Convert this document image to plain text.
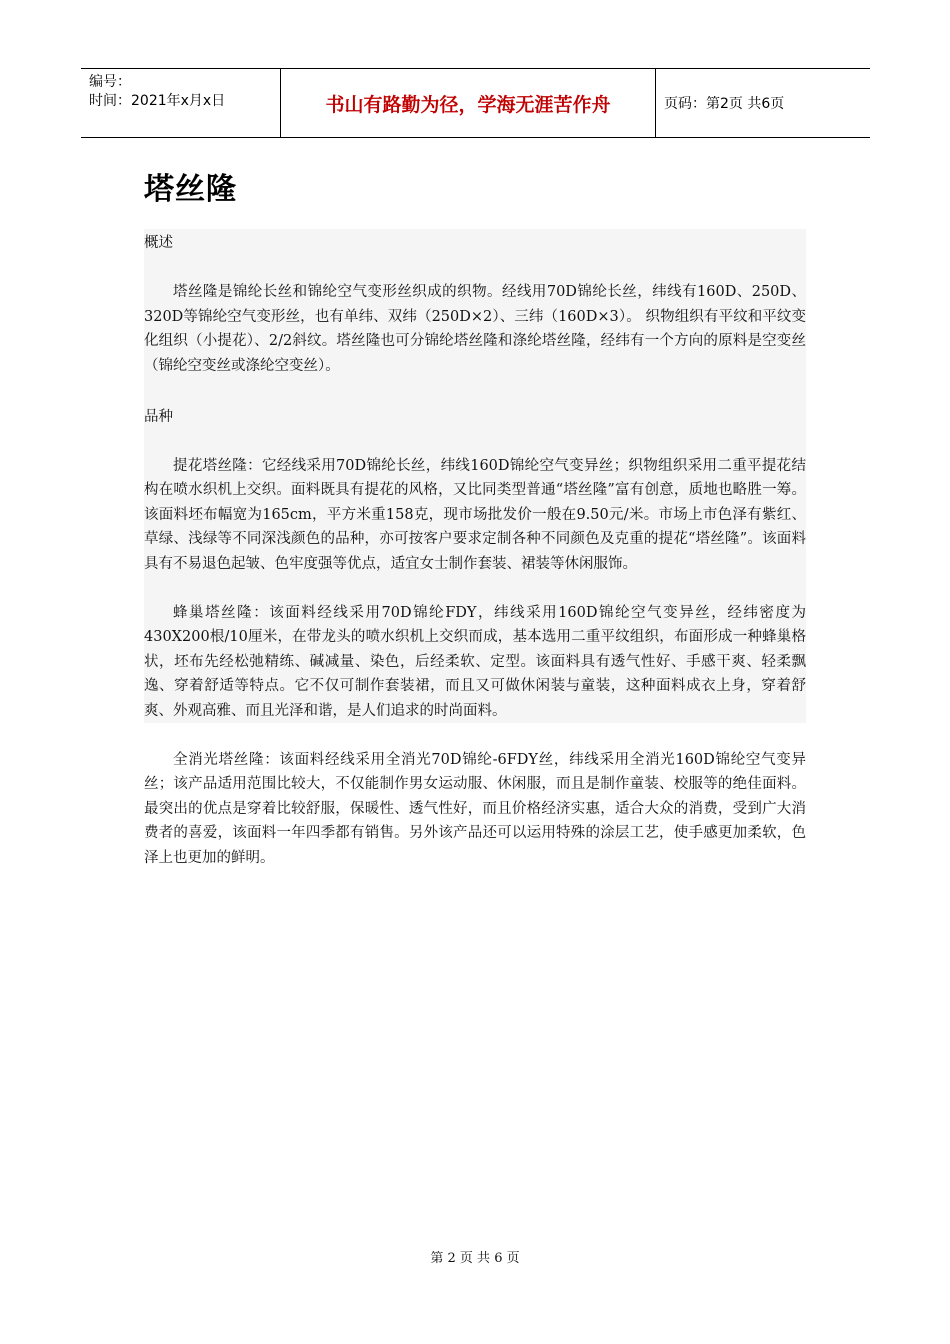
编号：
时间：2021年x月x日	书山有路勤为径，学海无涯苦作舟	页码：第2页 共6页
塔丝隆

概述

塔丝隆是锦纶长丝和锦纶空气变形丝织成的织物。经线用70D锦纶长丝，纬线有160D、250D、320D等锦纶空气变形丝，也有单纬、双纬（250D×2）、三纬（160D×3）。 织物组织有平纹和平纹变化组织（小提花）、2/2斜纹。塔丝隆也可分锦纶塔丝隆和涤纶塔丝隆，经纬有一个方向的原料是空变丝（锦纶空变丝或涤纶空变丝）。

品种

提花塔丝隆：它经线采用70D锦纶长丝，纬线160D锦纶空气变异丝；织物组织采用二重平提花结构在喷水织机上交织。面料既具有提花的风格，又比同类型普通“塔丝隆”富有创意，质地也略胜一筹。该面料坯布幅宽为165cm，平方米重158克，现市场批发价一般在9.50元/米。市场上市色泽有紫红、草绿、浅绿等不同深浅颜色的品种，亦可按客户要求定制各种不同颜色及克重的提花“塔丝隆”。该面料具有不易退色起皱、色牢度强等优点，适宜女士制作套装、裙装等休闲服饰。

蜂巢塔丝隆：该面料经线采用70D锦纶FDY，纬线采用160D锦纶空气变异丝，经纬密度为430X200根/10厘米，在带龙头的喷水织机上交织而成，基本选用二重平纹组织，布面形成一种蜂巢格状，坯布先经松弛精练、碱减量、染色，后经柔软、定型。该面料具有透气性好、手感干爽、轻柔飘逸、穿着舒适等特点。它不仅可制作套装裙，而且又可做休闲装与童装，这种面料成衣上身，穿着舒爽、外观高雅、而且光泽和谐，是人们追求的时尚面料。

全消光塔丝隆：该面料经线采用全消光70D锦纶-6FDY丝，纬线采用全消光160D锦纶空气变异丝；该产品适用范围比较大，不仅能制作男女运动服、休闲服，而且是制作童装、校服等的绝佳面料。最突出的优点是穿着比较舒服，保暖性、透气性好，而且价格经济实惠，适合大众的消费，受到广大消费者的喜爱，该面料一年四季都有销售。另外该产品还可以运用特殊的涂层工艺，使手感更加柔软，色泽上也更加的鲜明。

第 2 页 共 6 页
